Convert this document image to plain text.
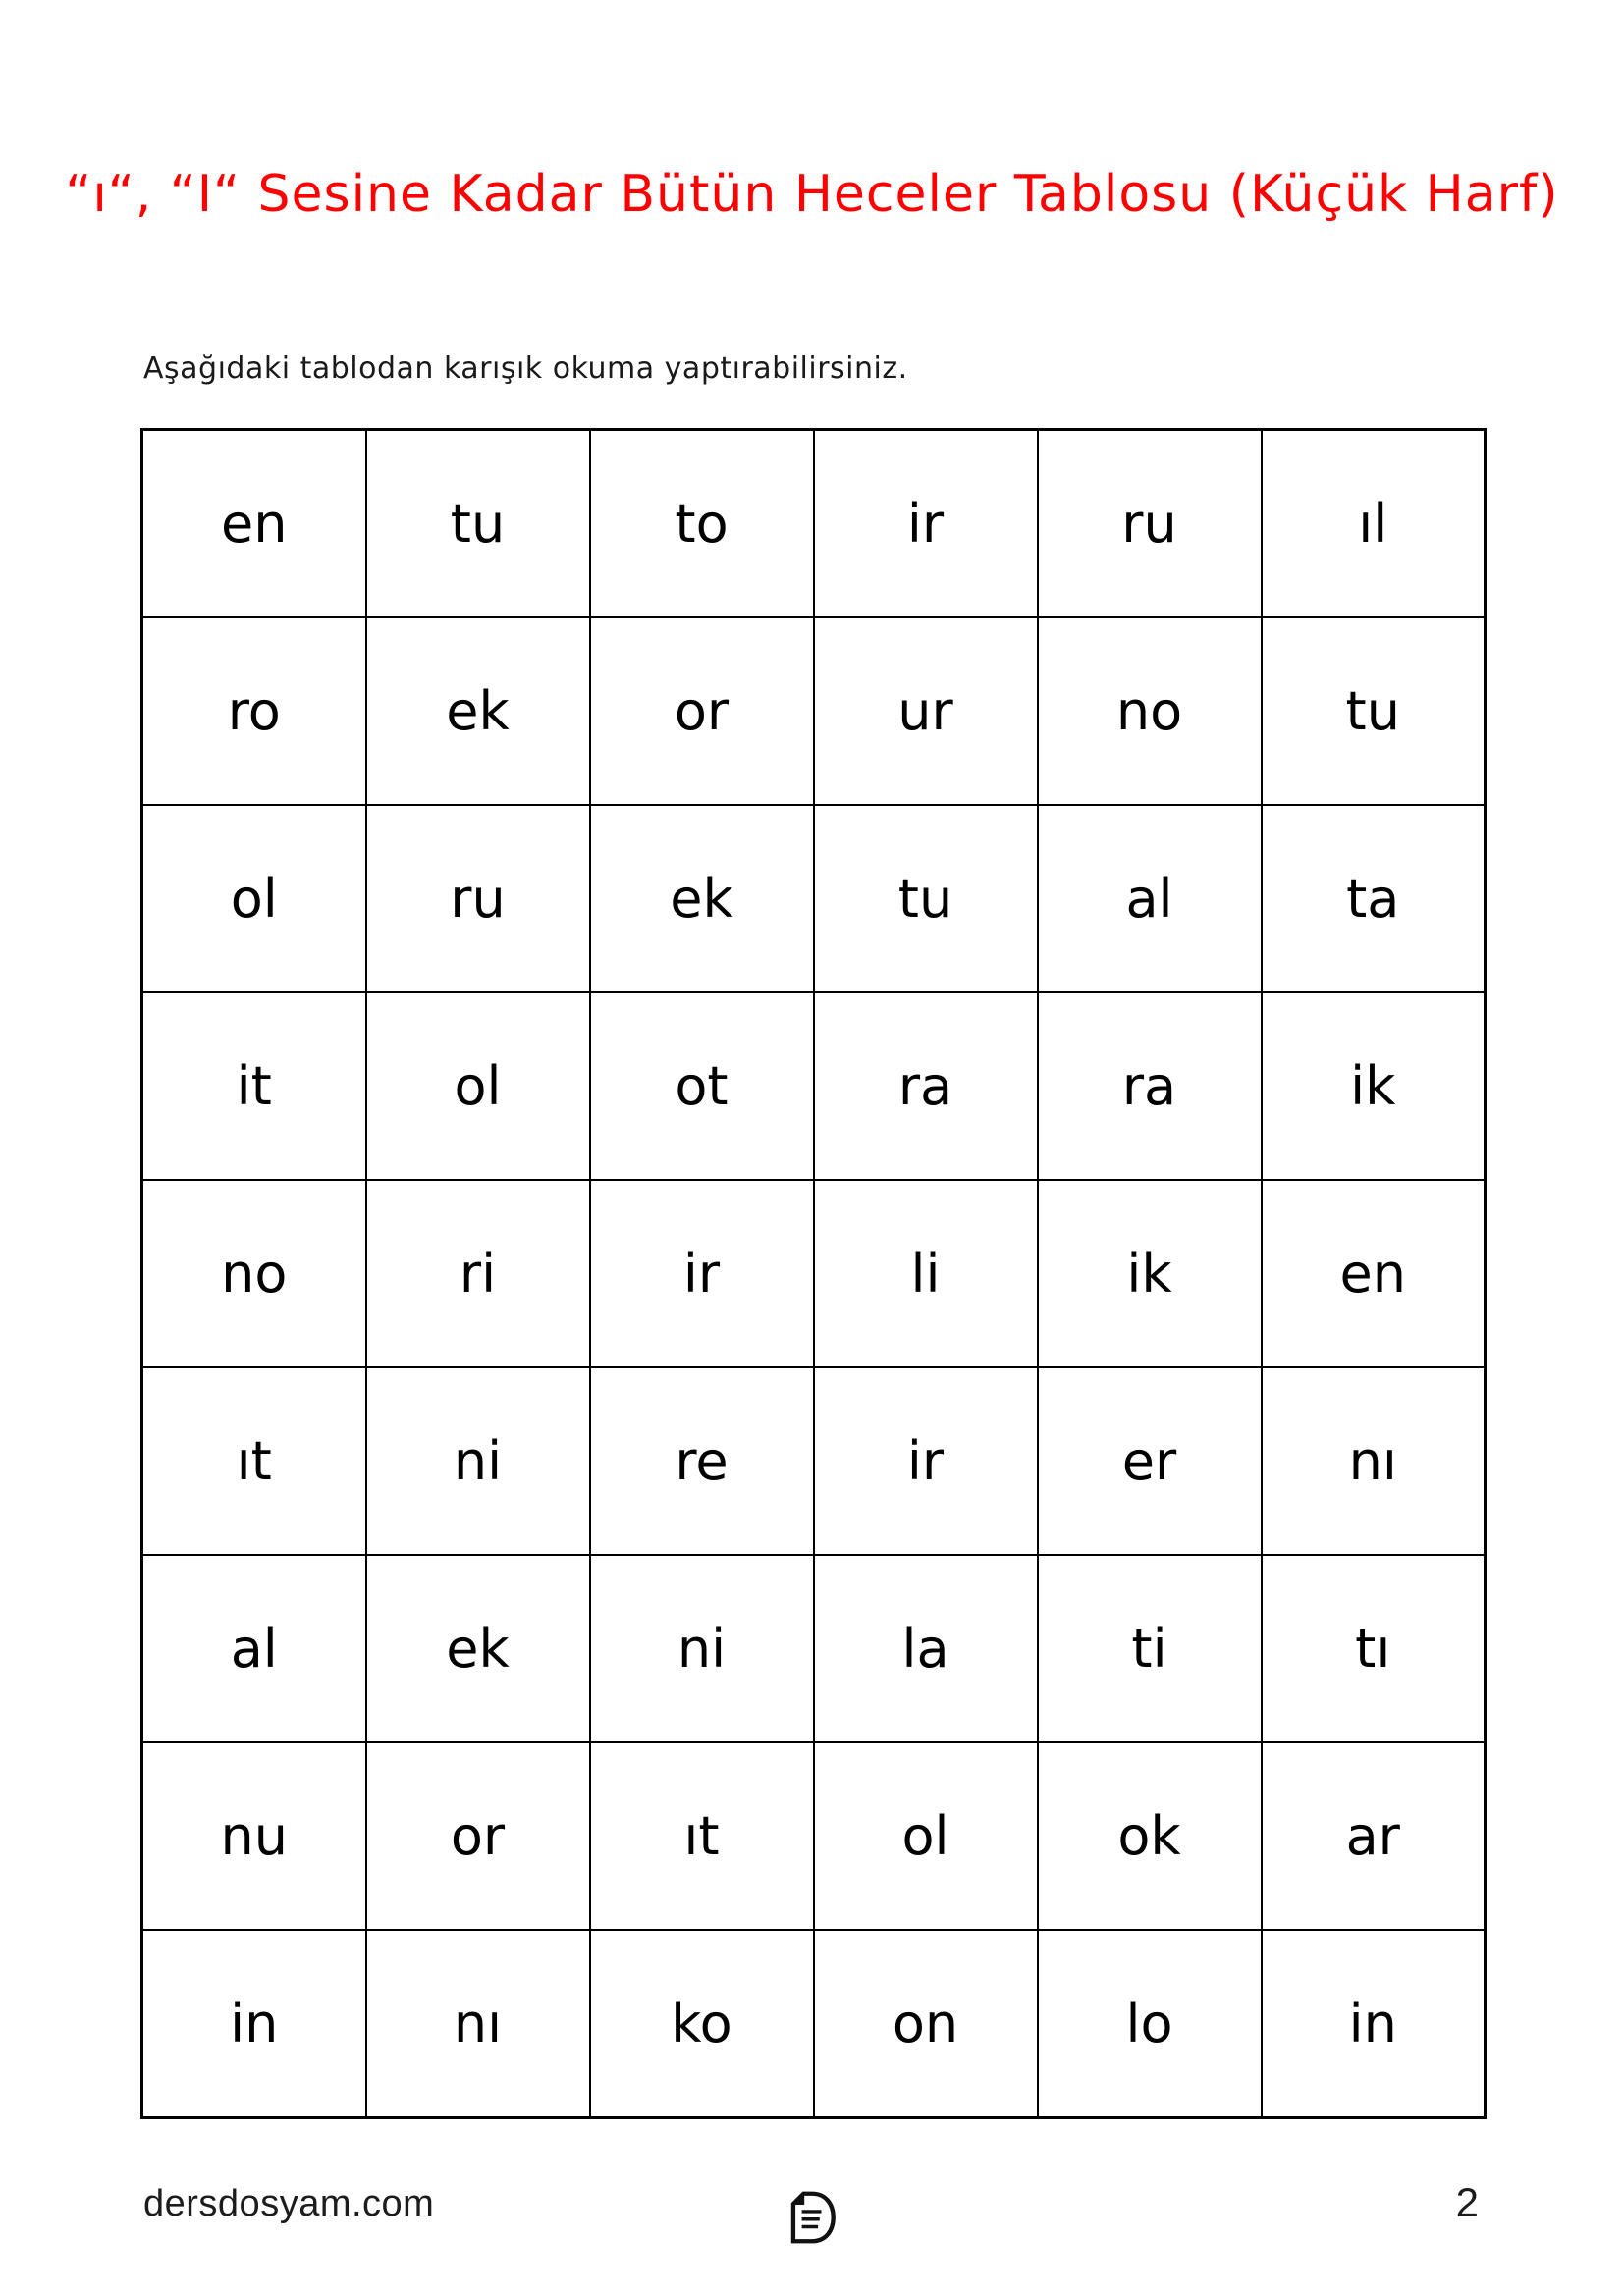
“ı“, “I“ Sesine Kadar Bütün Heceler Tablosu (Küçük Harf)

Aşağıdaki tablodan karışık okuma yaptırabilirsiniz.

en	tu	to	ir	ru	ıl
ro	ek	or	ur	no	tu
ol	ru	ek	tu	al	ta
it	ol	ot	ra	ra	ik
no	ri	ir	li	ik	en
ıt	ni	re	ir	er	nı
al	ek	ni	la	ti	tı
nu	or	ıt	ol	ok	ar
in	nı	ko	on	lo	in
dersdosyam.com	2
